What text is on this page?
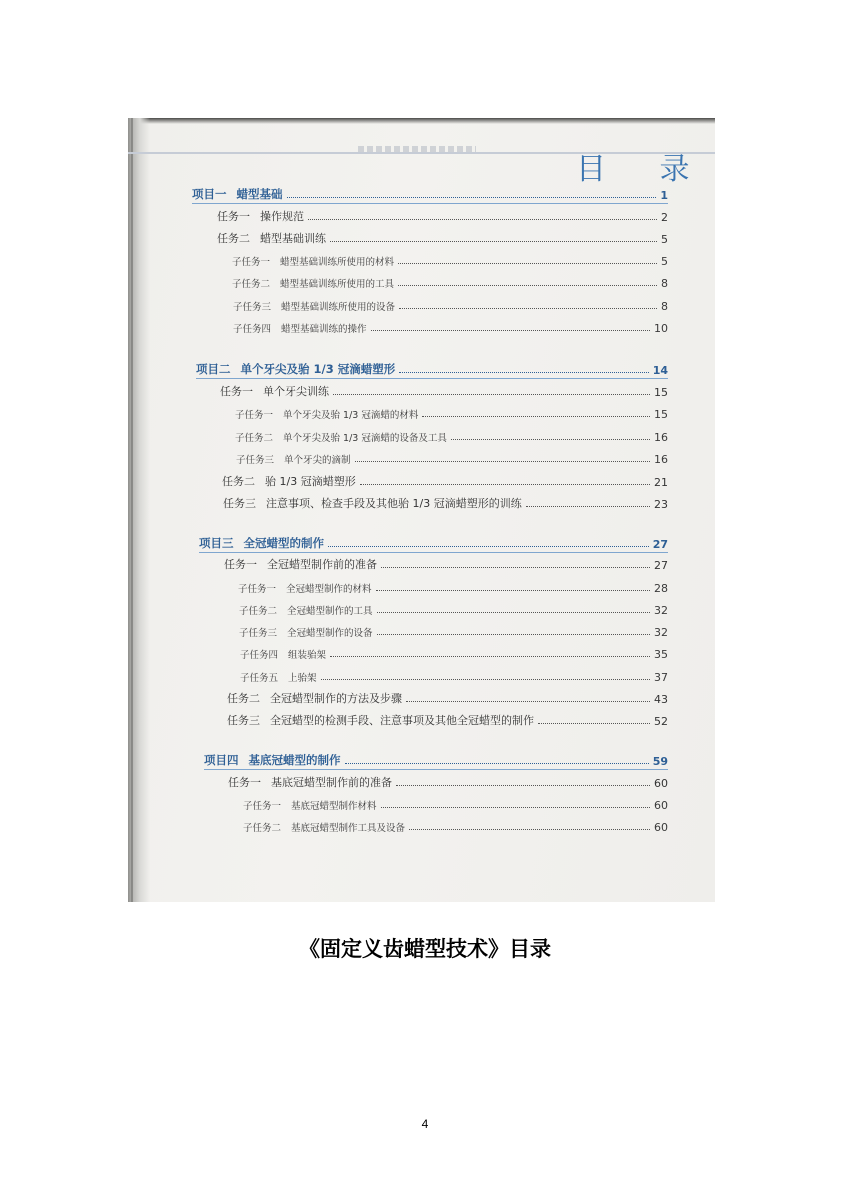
目 录
项目一 蜡型基础	1
任务一 操作规范	2
任务二 蜡型基础训练	5
子任务一 蜡型基础训练所使用的材料	5
子任务二 蜡型基础训练所使用的工具	8
子任务三 蜡型基础训练所使用的设备	8
子任务四 蜡型基础训练的操作	10
项目二 单个牙尖及骀 1/3 冠滴蜡塑形	14
任务一 单个牙尖训练	15
子任务一 单个牙尖及骀 1/3 冠滴蜡的材料	15
子任务二 单个牙尖及骀 1/3 冠滴蜡的设备及工具	16
子任务三 单个牙尖的滴制	16
任务二 骀 1/3 冠滴蜡塑形	21
任务三 注意事项、检查手段及其他骀 1/3 冠滴蜡塑形的训练	23
项目三 全冠蜡型的制作	27
任务一 全冠蜡型制作前的准备	27
子任务一 全冠蜡型制作的材料	28
子任务二 全冠蜡型制作的工具	32
子任务三 全冠蜡型制作的设备	32
子任务四 组装骀架	35
子任务五 上骀架	37
任务二 全冠蜡型制作的方法及步骤	43
任务三 全冠蜡型的检测手段、注意事项及其他全冠蜡型的制作	52
项目四 基底冠蜡型的制作	59
任务一 基底冠蜡型制作前的准备	60
子任务一 基底冠蜡型制作材料	60
子任务二 基底冠蜡型制作工具及设备	60
《固定义齿蜡型技术》目录
4
